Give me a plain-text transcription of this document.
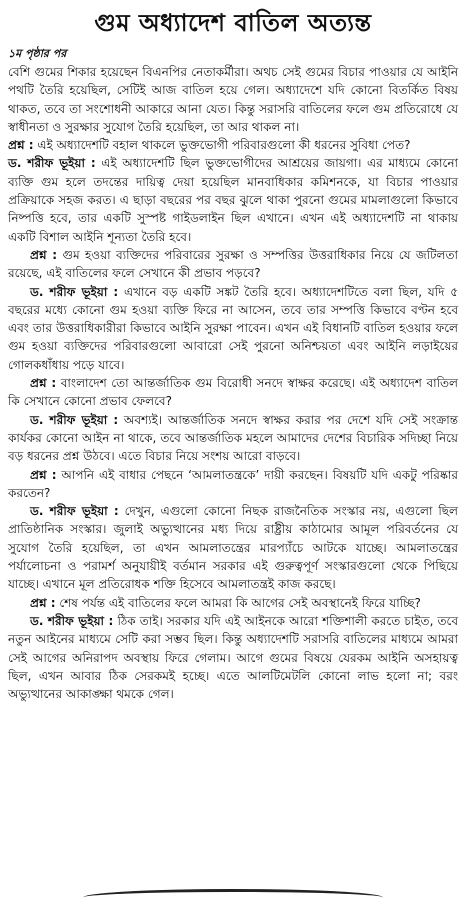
গুম অধ্যাদেশ বাতিল অত্যন্ত
১ম পৃষ্ঠার পর

বেশি গুমের শিকার হয়েছেন বিএনপির নেতাকর্মীরা। অথচ সেই গুমের বিচার পাওয়ার যে আইনি পথটি তৈরি হয়েছিল, সেটিই আজ বাতিল হয়ে গেল। অধ্যাদেশে যদি কোনো বিতর্কিত বিষয় থাকত, তবে তা সংশোধনী আকারে আনা যেত। কিন্তু সরাসরি বাতিলের ফলে গুম প্রতিরোধে যে স্বাধীনতা ও সুরক্ষার সুযোগ তৈরি হয়েছিল, তা আর থাকল না।

প্রশ্ন : এই অধ্যাদেশটি বহাল থাকলে ভুক্তভোগী পরিবারগুলো কী ধরনের সুবিধা পেত?

ড. শরীফ ভূইয়া : এই অধ্যাদেশটি ছিল ভুক্তভোগীদের আশ্রয়ের জায়গা। এর মাধ্যমে কোনো ব্যক্তি গুম হলে তদন্তের দায়িত্ব দেয়া হয়েছিল মানবাধিকার কমিশনকে, যা বিচার পাওয়ার প্রক্রিয়াকে সহজ করত। এ ছাড়া বছরের পর বছর ঝুলে থাকা পুরনো গুমের মামলাগুলো কিভাবে নিষ্পত্তি হবে, তার একটি সুস্পষ্ট গাইডলাইন ছিল এখানে। এখন এই অধ্যাদেশটি না থাকায় একটি বিশাল আইনি শূন্যতা তৈরি হবে।

প্রশ্ন : গুম হওয়া ব্যক্তিদের পরিবারের সুরক্ষা ও সম্পত্তির উত্তরাধিকার নিয়ে যে জটিলতা রয়েছে, এই বাতিলের ফলে সেখানে কী প্রভাব পড়বে?

ড. শরীফ ভূইয়া : এখানে বড় একটি সঙ্কট তৈরি হবে। অধ্যাদেশটিতে বলা ছিল, যদি ৫ বছরের মধ্যে কোনো গুম হওয়া ব্যক্তি ফিরে না আসেন, তবে তার সম্পত্তি কিভাবে বণ্টন হবে এবং তার উত্তরাধিকারীরা কিভাবে আইনি সুরক্ষা পাবেন। এখন এই বিধানটি বাতিল হওয়ার ফলে গুম হওয়া ব্যক্তিদের পরিবারগুলো আবারো সেই পুরনো অনিশ্চয়তা এবং আইনি লড়াইয়ের গোলকধাঁধায় পড়ে যাবে।

প্রশ্ন : বাংলাদেশ তো আন্তর্জাতিক গুম বিরোধী সনদে স্বাক্ষর করেছে। এই অধ্যাদেশ বাতিল কি সেখানে কোনো প্রভাব ফেলবে?

ড. শরীফ ভূইয়া : অবশ্যই। আন্তর্জাতিক সনদে স্বাক্ষর করার পর দেশে যদি সেই সংক্রান্ত কার্যকর কোনো আইন না থাকে, তবে আন্তর্জাতিক মহলে আমাদের দেশের বিচারিক সদিচ্ছা নিয়ে বড় ধরনের প্রশ্ন উঠবে। এতে বিচার নিয়ে সংশয় আরো বাড়বে।

প্রশ্ন : আপনি এই বাধার পেছনে ‘আমলাতন্ত্রকে’ দায়ী করছেন। বিষয়টি যদি একটু পরিষ্কার করতেন?

ড. শরীফ ভূইয়া : দেখুন, এগুলো কোনো নিছক রাজনৈতিক সংস্কার নয়, এগুলো ছিল প্রাতিষ্ঠানিক সংস্কার। জুলাই অভ্যুত্থানের মধ্য দিয়ে রাষ্ট্রীয় কাঠামোর আমূল পরিবর্তনের যে সুযোগ তৈরি হয়েছিল, তা এখন আমলাতন্ত্রের মারপ্যাঁচে আটকে যাচ্ছে। আমলাতন্ত্রের পর্যালোচনা ও পরামর্শ অনুযায়ীই বর্তমান সরকার এই গুরুত্বপূর্ণ সংস্কারগুলো থেকে পিছিয়ে যাচ্ছে। এখানে মূল প্রতিরোধক শক্তি হিসেবে আমলাতন্ত্রই কাজ করছে।

প্রশ্ন : শেষ পর্যন্ত এই বাতিলের ফলে আমরা কি আগের সেই অবস্থানেই ফিরে যাচ্ছি?

ড. শরীফ ভূইয়া : ঠিক তাই। সরকার যদি এই আইনকে আরো শক্তিশালী করতে চাইত, তবে নতুন আইনের মাধ্যমে সেটি করা সম্ভব ছিল। কিন্তু অধ্যাদেশটি সরাসরি বাতিলের মাধ্যমে আমরা সেই আগের অনিরাপদ অবস্থায় ফিরে গেলাম। আগে গুমের বিষয়ে যেরকম আইনি অসহায়ত্ব ছিল, এখন আবার ঠিক সেরকমই হচ্ছে। এতে আলটিমেটলি কোনো লাভ হলো না; বরং অভ্যুত্থানের আকাঙ্ক্ষা থমকে গেল।
